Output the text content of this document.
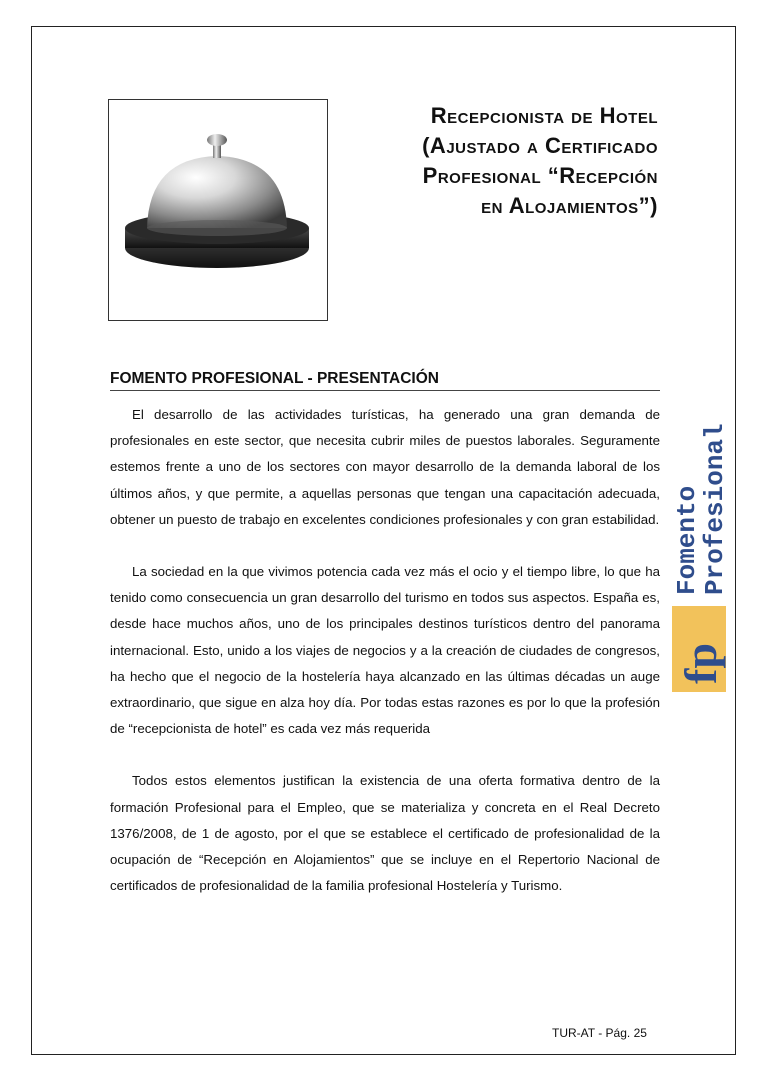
Recepcionista de Hotel
(Ajustado a Certificado
Profesional “Recepción
en Alojamientos”)
FOMENTO PROFESIONAL - PRESENTACIÓN

El desarrollo de las actividades turísticas, ha generado una gran demanda de profesionales en este sector, que necesita cubrir miles de puestos laborales. Seguramente estemos frente a uno de los sectores con mayor desarrollo de la demanda laboral de los últimos años, y que permite, a aquellas personas que tengan una capacitación adecuada, obtener un puesto de trabajo en excelentes condiciones profesionales y con gran estabilidad.

La sociedad en la que vivimos potencia cada vez más el ocio y el tiempo libre, lo que ha tenido como consecuencia un gran desarrollo del turismo en todos sus aspectos. España es, desde hace muchos años, uno de los principales destinos turísticos dentro del panorama internacional. Esto, unido a los viajes de negocios y a la creación de ciudades de congresos, ha hecho que el negocio de la hostelería haya alcanzado en las últimas décadas un auge extraordinario, que sigue en alza hoy día. Por todas estas razones es por lo que la profesión de “recepcionista de hotel” es cada vez más requerida

Todos estos elementos justifican la existencia de una oferta formativa dentro de la formación Profesional para el Empleo, que se materializa y concreta en el Real Decreto 1376/2008, de 1 de agosto, por el que se establece el certificado de profesionalidad de la ocupación de “Recepción en Alojamientos” que se incluye en el Repertorio Nacional de certificados de profesionalidad de la familia profesional Hostelería y Turismo.

Fomento
Profesional
fp
TUR-AT - Pág. 25
